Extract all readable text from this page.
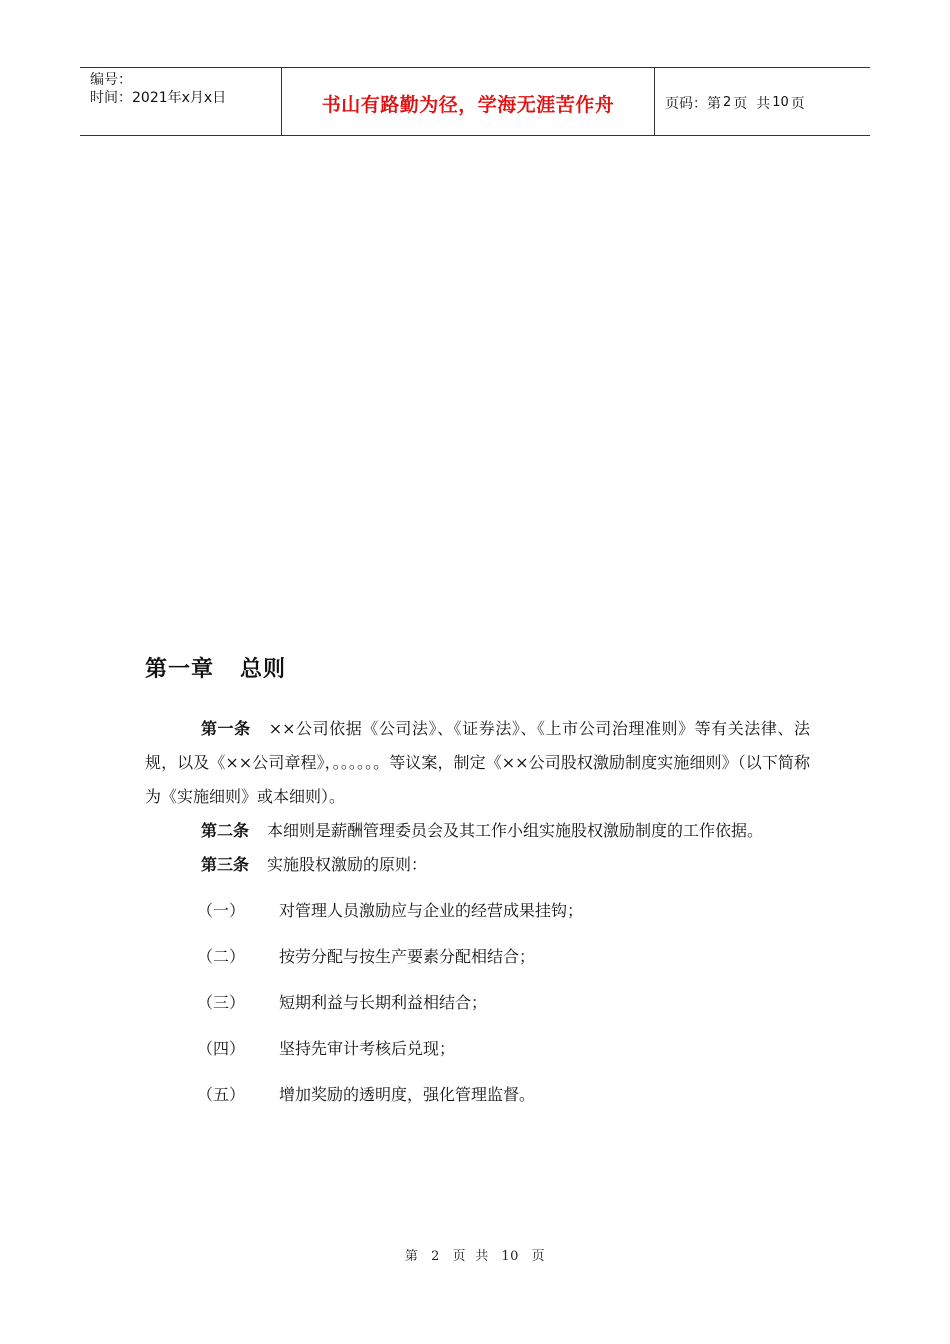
编号：
时间：2021年x月x日	书山有路勤为径，学海无涯苦作舟	页码：第 2 页  共 10 页
第一章 总则

第一条 ××公司依据《公司法》、《证券法》、《上市公司治理准则》等有关法律、法规，以及《××公司章程》，。。。。。。等议案，制定《××公司股权激励制度实施细则》（以下简称为《实施细则》或本细则）。

第二条 本细则是薪酬管理委员会及其工作小组实施股权激励制度的工作依据。

第三条 实施股权激励的原则：

（一）	对管理人员激励应与企业的经营成果挂钩；

（二）	按劳分配与按生产要素分配相结合；

（三）	短期利益与长期利益相结合；

（四）	坚持先审计考核后兑现；

（五）	增加奖励的透明度，强化管理监督。

第 2 页  共 10 页
